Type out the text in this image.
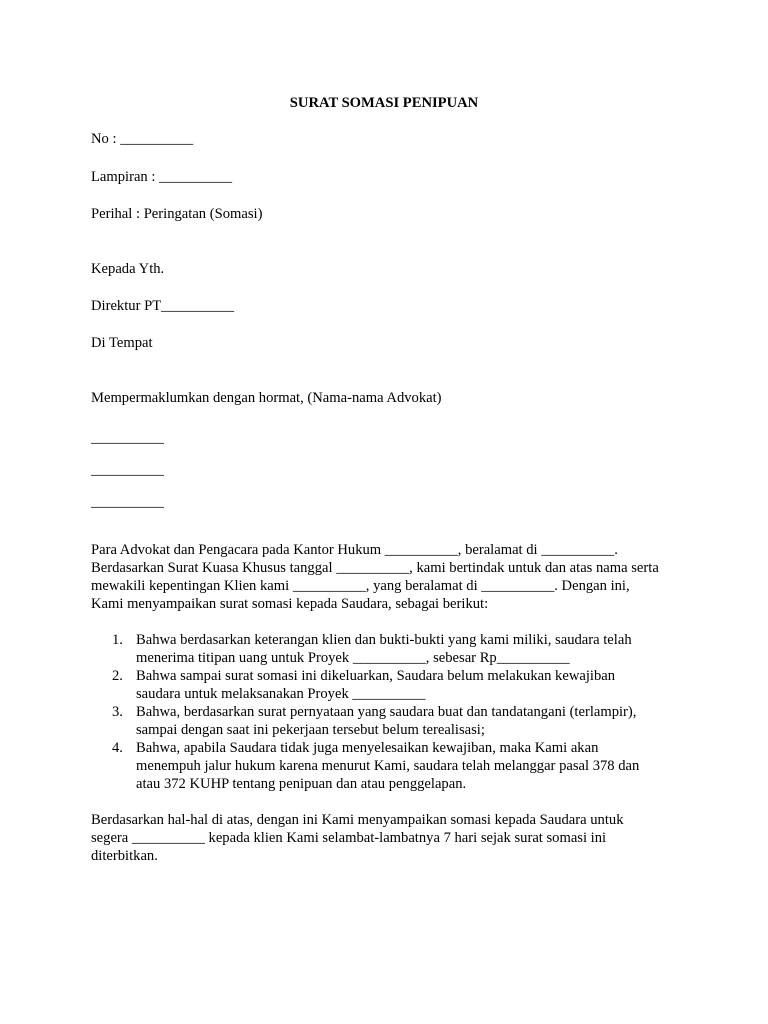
SURAT SOMASI PENIPUAN
No : __________
Lampiran : __________
Perihal : Peringatan (Somasi)
Kepada Yth.
Direktur PT__________
Di Tempat
Mempermaklumkan dengan hormat, (Nama-nama Advokat)
__________
__________
__________

Para Advokat dan Pengacara pada Kantor Hukum __________, beralamat di __________.

Berdasarkan Surat Kuasa Khusus tanggal __________, kami bertindak untuk dan atas nama serta

mewakili kepentingan Klien kami __________, yang beralamat di __________. Dengan ini,

Kami menyampaikan surat somasi kepada Saudara, sebagai berikut:

1. Bahwa berdasarkan keterangan klien dan bukti-bukti yang kami miliki, saudara telah
menerima titipan uang untuk Proyek __________, sebesar Rp__________
2. Bahwa sampai surat somasi ini dikeluarkan, Saudara belum melakukan kewajiban
saudara untuk melaksanakan Proyek __________
3. Bahwa, berdasarkan surat pernyataan yang saudara buat dan tandatangani (terlampir),
sampai dengan saat ini pekerjaan tersebut belum terealisasi;
4. Bahwa, apabila Saudara tidak juga menyelesaikan kewajiban, maka Kami akan
menempuh jalur hukum karena menurut Kami, saudara telah melanggar pasal 378 dan
atau 372 KUHP tentang penipuan dan atau penggelapan.

Berdasarkan hal-hal di atas, dengan ini Kami menyampaikan somasi kepada Saudara untuk

segera __________ kepada klien Kami selambat-lambatnya 7 hari sejak surat somasi ini

diterbitkan.
